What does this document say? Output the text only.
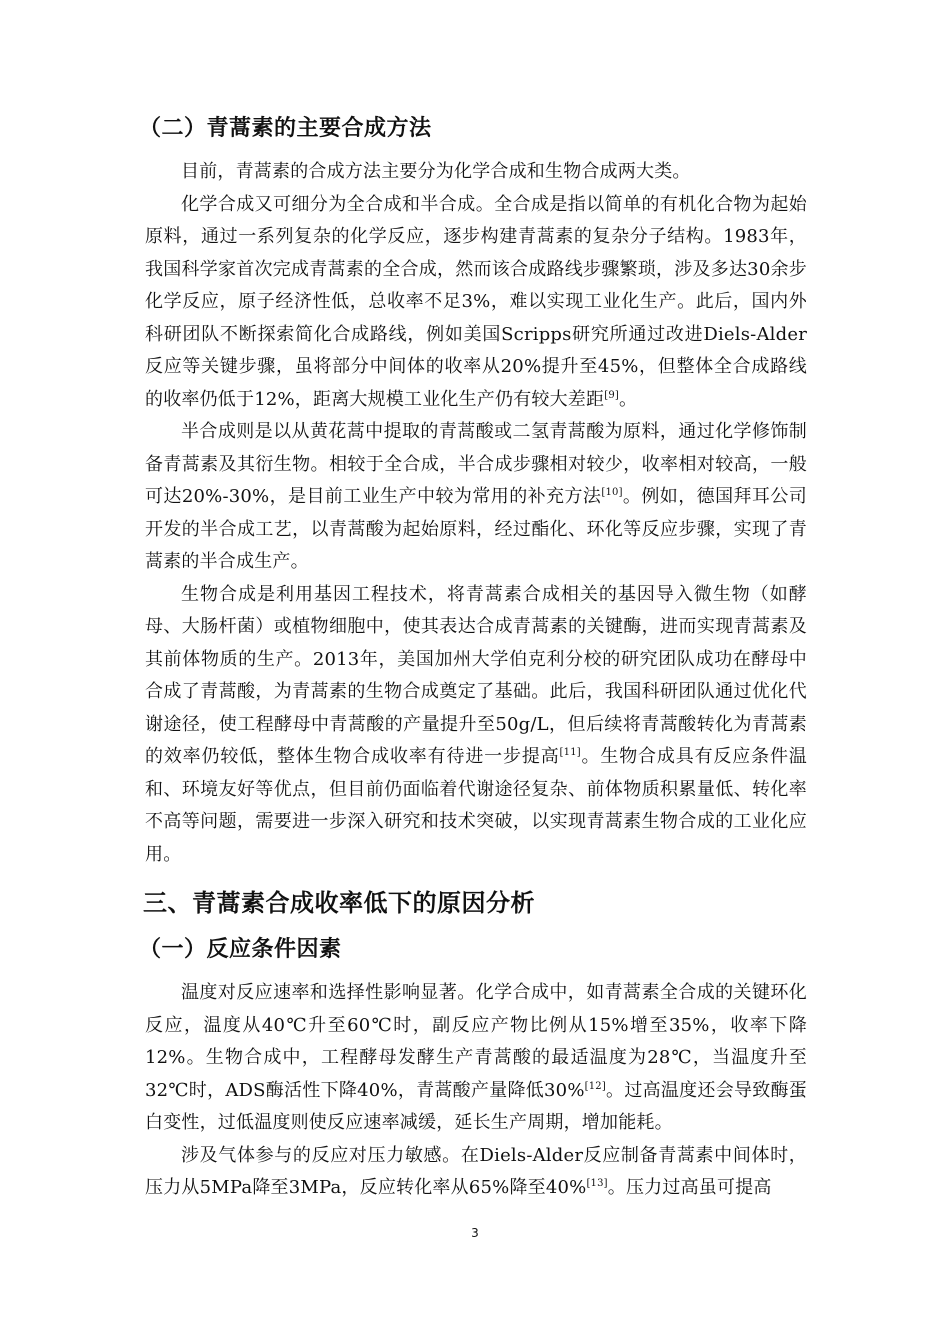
（二）青蒿素的主要合成方法

目前，青蒿素的合成方法主要分为化学合成和生物合成两大类。

化学合成又可细分为全合成和半合成。全合成是指以简单的有机化合物为起始原料，通过一系列复杂的化学反应，逐步构建青蒿素的复杂分子结构。1983年，我国科学家首次完成青蒿素的全合成，然而该合成路线步骤繁琐，涉及多达30余步化学反应，原子经济性低，总收率不足3%，难以实现工业化生产。此后，国内外科研团队不断探索简化合成路线，例如美国Scripps研究所通过改进Diels-Alder反应等关键步骤，虽将部分中间体的收率从20%提升至45%，但整体全合成路线的收率仍低于12%，距离大规模工业化生产仍有较大差距[9]。

半合成则是以从黄花蒿中提取的青蒿酸或二氢青蒿酸为原料，通过化学修饰制备青蒿素及其衍生物。相较于全合成，半合成步骤相对较少，收率相对较高，一般可达20%-30%，是目前工业生产中较为常用的补充方法[10]。例如，德国拜耳公司开发的半合成工艺，以青蒿酸为起始原料，经过酯化、环化等反应步骤，实现了青蒿素的半合成生产。

生物合成是利用基因工程技术，将青蒿素合成相关的基因导入微生物（如酵母、大肠杆菌）或植物细胞中，使其表达合成青蒿素的关键酶，进而实现青蒿素及其前体物质的生产。2013年，美国加州大学伯克利分校的研究团队成功在酵母中合成了青蒿酸，为青蒿素的生物合成奠定了基础。此后，我国科研团队通过优化代谢途径，使工程酵母中青蒿酸的产量提升至50g/L，但后续将青蒿酸转化为青蒿素的效率仍较低，整体生物合成收率有待进一步提高[11]。生物合成具有反应条件温和、环境友好等优点，但目前仍面临着代谢途径复杂、前体物质积累量低、转化率不高等问题，需要进一步深入研究和技术突破，以实现青蒿素生物合成的工业化应用。

三、青蒿素合成收率低下的原因分析
（一）反应条件因素

温度对反应速率和选择性影响显著。化学合成中，如青蒿素全合成的关键环化反应，温度从40℃升至60℃时，副反应产物比例从15%增至35%，收率下降12%。生物合成中，工程酵母发酵生产青蒿酸的最适温度为28℃，当温度升至32℃时，ADS酶活性下降40%，青蒿酸产量降低30%[12]。过高温度还会导致酶蛋白变性，过低温度则使反应速率减缓，延长生产周期，增加能耗。

涉及气体参与的反应对压力敏感。在Diels-Alder反应制备青蒿素中间体时，压力从5MPa降至3MPa，反应转化率从65%降至40%[13]。压力过高虽可提高

3
